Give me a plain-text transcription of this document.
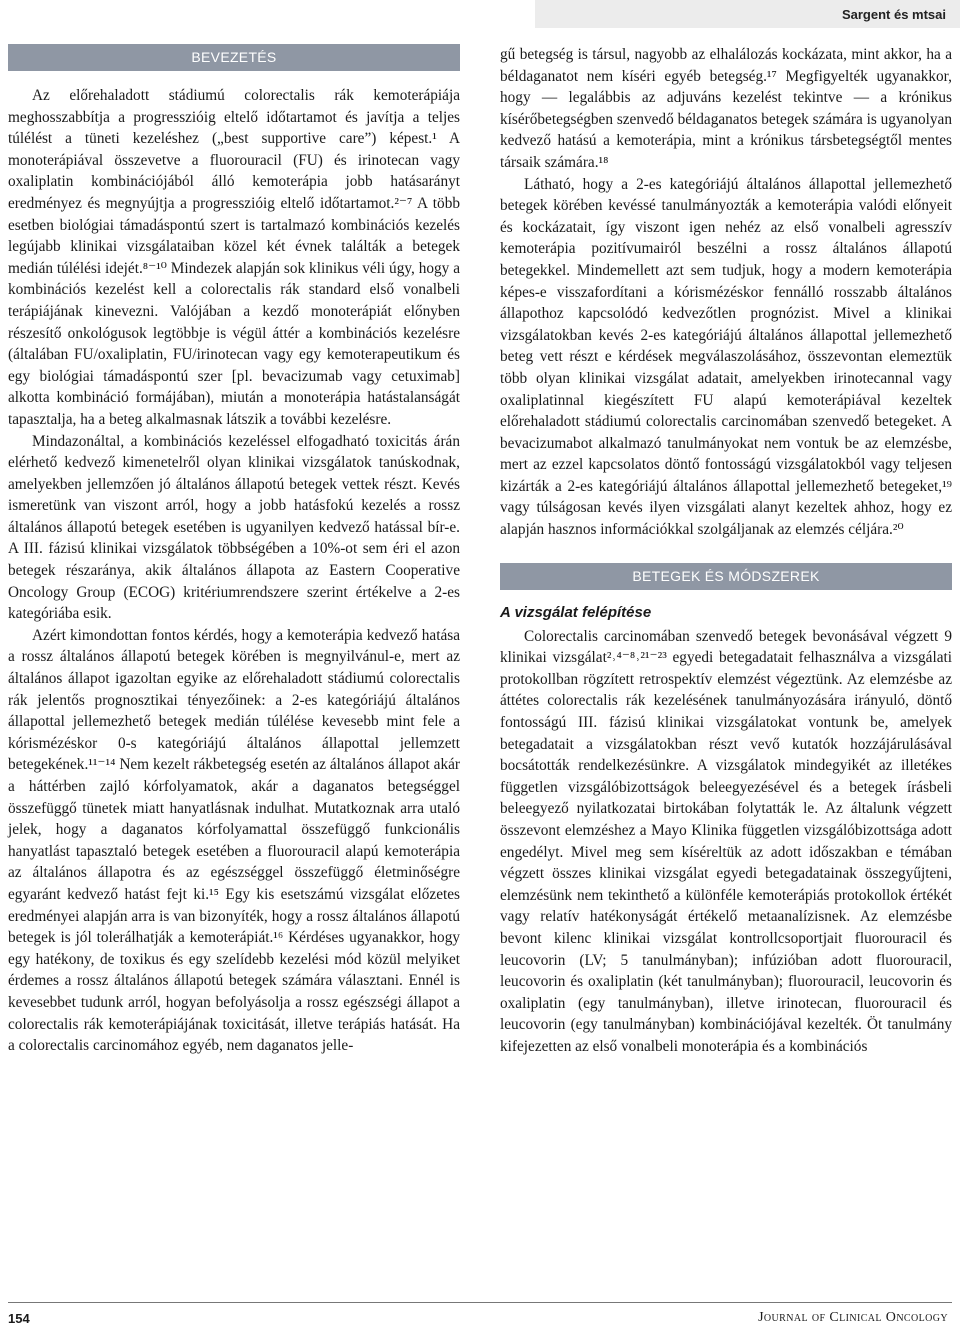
Sargent és mtsai
BEVEZETÉS

Az előrehaladott stádiumú colorectalis rák kemoterápiája meghosszabbítja a progresszióig eltelő időtartamot és javítja a teljes túlélést a tüneti kezeléshez („best supportive care”) képest.¹ A monoterápiával összevetve a fluorouracil (FU) és irinotecan vagy oxaliplatin kombinációjából álló kemoterápia jobb hatásarányt eredményez és megnyújtja a progresszióig eltelő időtartamot.²⁻⁷ A több esetben biológiai támadáspontú szert is tartalmazó kombinációs kezelés legújabb klinikai vizsgálataiban közel két évnek találták a betegek medián túlélési idejét.⁸⁻¹⁰ Mindezek alapján sok klinikus véli úgy, hogy a kombinációs kezelést kell a colorectalis rák standard első vonalbeli terápiájának kinevezni. Valójában a kezdő monoterápiát előnyben részesítő onkológusok legtöbbje is végül áttér a kombinációs kezelésre (általában FU/oxaliplatin, FU/irinotecan vagy egy kemoterapeutikum és egy biológiai támadáspontú szer [pl. bevacizumab vagy cetuximab] alkotta kombináció formájában), miután a monoterápia hatástalanságát tapasztalja, ha a beteg alkalmasnak látszik a további kezelésre.

Mindazonáltal, a kombinációs kezeléssel elfogadható toxicitás árán elérhető kedvező kimenetelről olyan klinikai vizsgálatok tanúskodnak, amelyekben jellemzően jó általános állapotú betegek vettek részt. Kevés ismeretünk van viszont arról, hogy a jobb hatásfokú kezelés a rossz általános állapotú betegek esetében is ugyanilyen kedvező hatással bír-e. A III. fázisú klinikai vizsgálatok többségében a 10%-ot sem éri el azon betegek részaránya, akik általános állapota az Eastern Cooperative Oncology Group (ECOG) kritériumrendszere szerint értékelve a 2-es kategóriába esik.

Azért kimondottan fontos kérdés, hogy a kemoterápia kedvező hatása a rossz általános állapotú betegek körében is megnyilvánul-e, mert az általános állapot igazoltan egyike az előrehaladott stádiumú colorectalis rák jelentős prognosztikai tényezőinek: a 2-es kategóriájú általános állapottal jellemezhető betegek medián túlélése kevesebb mint fele a kórismézéskor 0-s kategóriájú általános állapottal jellemzett betegekének.¹¹⁻¹⁴ Nem kezelt rákbetegség esetén az általános állapot akár a háttérben zajló kórfolyamatok, akár a daganatos betegséggel összefüggő tünetek miatt hanyatlásnak indulhat. Mutatkoznak arra utaló jelek, hogy a daganatos kórfolyamattal összefüggő funkcionális hanyatlást tapasztaló betegek esetében a fluorouracil alapú kemoterápia az általános állapotra és az egészséggel összefüggő életminőségre egyaránt kedvező hatást fejt ki.¹⁵ Egy kis esetszámú vizsgálat előzetes eredményei alapján arra is van bizonyíték, hogy a rossz általános állapotú betegek is jól tolerálhatják a kemoterápiát.¹⁶ Kérdéses ugyanakkor, hogy egy hatékony, de toxikus és egy szelídebb kezelési mód közül melyiket érdemes a rossz általános állapotú betegek számára választani. Ennél is kevesebbet tudunk arról, hogyan befolyásolja a rossz egészségi állapot a colorectalis rák kemoterápiájának toxicitását, illetve terápiás hatását. Ha a colorectalis carcinomához egyéb, nem daganatos jelle-

gű betegség is társul, nagyobb az elhalálozás kockázata, mint akkor, ha a béldaganatot nem kíséri egyéb betegség.¹⁷ Megfigyelték ugyanakkor, hogy — legalábbis az adjuváns kezelést tekintve — a krónikus kísérőbetegségben szenvedő béldaganatos betegek számára is ugyanolyan kedvező hatású a kemoterápia, mint a krónikus társbetegségtől mentes társaik számára.¹⁸

Látható, hogy a 2-es kategóriájú általános állapottal jellemezhető betegek körében kevéssé tanulmányozták a kemoterápia valódi előnyeit és kockázatait, így viszont igen nehéz az első vonalbeli agresszív kemoterápia pozitívumairól beszélni a rossz általános állapotú betegekkel. Mindemellett azt sem tudjuk, hogy a modern kemoterápia képes-e visszafordítani a kórismézéskor fennálló rosszabb általános állapothoz kapcsolódó kedvezőtlen prognózist. Mivel a klinikai vizsgálatokban kevés 2-es kategóriájú általános állapottal jellemezhető beteg vett részt e kérdések megválaszolásához, összevontan elemeztük több olyan klinikai vizsgálat adatait, amelyekben irinotecannal vagy oxaliplatinnal kiegészített FU alapú kemoterápiával kezeltek előrehaladott stádiumú colorectalis carcinomában szenvedő betegeket. A bevacizumabot alkalmazó tanulmányokat nem vontuk be az elemzésbe, mert az ezzel kapcsolatos döntő fontosságú vizsgálatokból vagy teljesen kizárták a 2-es kategóriájú általános állapottal jellemezhető betegeket,¹⁹ vagy túlságosan kevés ilyen vizsgálati alanyt kezeltek ahhoz, hogy ez alapján hasznos információkkal szolgáljanak az elemzés céljára.²⁰

BETEGEK ÉS MÓDSZEREK
A vizsgálat felépítése

Colorectalis carcinomában szenvedő betegek bevonásával végzett 9 klinikai vizsgálat²˒⁴⁻⁸˒²¹⁻²³ egyedi betegadatait felhasználva a vizsgálati protokollban rögzített retrospektív elemzést végeztünk. Az elemzésbe az áttétes colorectalis rák kezelésének tanulmányozására irányuló, döntő fontosságú III. fázisú klinikai vizsgálatokat vontunk be, amelyek betegadatait a vizsgálatokban részt vevő kutatók hozzájárulásával bocsátották rendelkezésünkre. A vizsgálatok mindegyikét az illetékes független vizsgálóbizottságok beleegyezésével és a betegek írásbeli beleegyező nyilatkozatai birtokában folytatták le. Az általunk végzett összevont elemzéshez a Mayo Klinika független vizsgálóbizottsága adott engedélyt. Mivel meg sem kíséreltük az adott időszakban e témában végzett összes klinikai vizsgálat egyedi betegadatainak összegyűjteni, elemzésünk nem tekinthető a különféle kemoterápiás protokollok értékét vagy relatív hatékonyságát értékelő metaanalízisnek. Az elemzésbe bevont kilenc klinikai vizsgálat kontrollcsoportjait fluorouracil és leucovorin (LV; 5 tanulmányban); infúzióban adott fluorouracil, leucovorin és oxaliplatin (két tanulmányban); fluorouracil, leucovorin és oxaliplatin (egy tanulmányban), illetve irinotecan, fluorouracil és leucovorin (egy tanulmányban) kombinációjával kezelték. Öt tanulmány kifejezetten az első vonalbeli monoterápia és a kombinációs

154	Journal of Clinical Oncology
